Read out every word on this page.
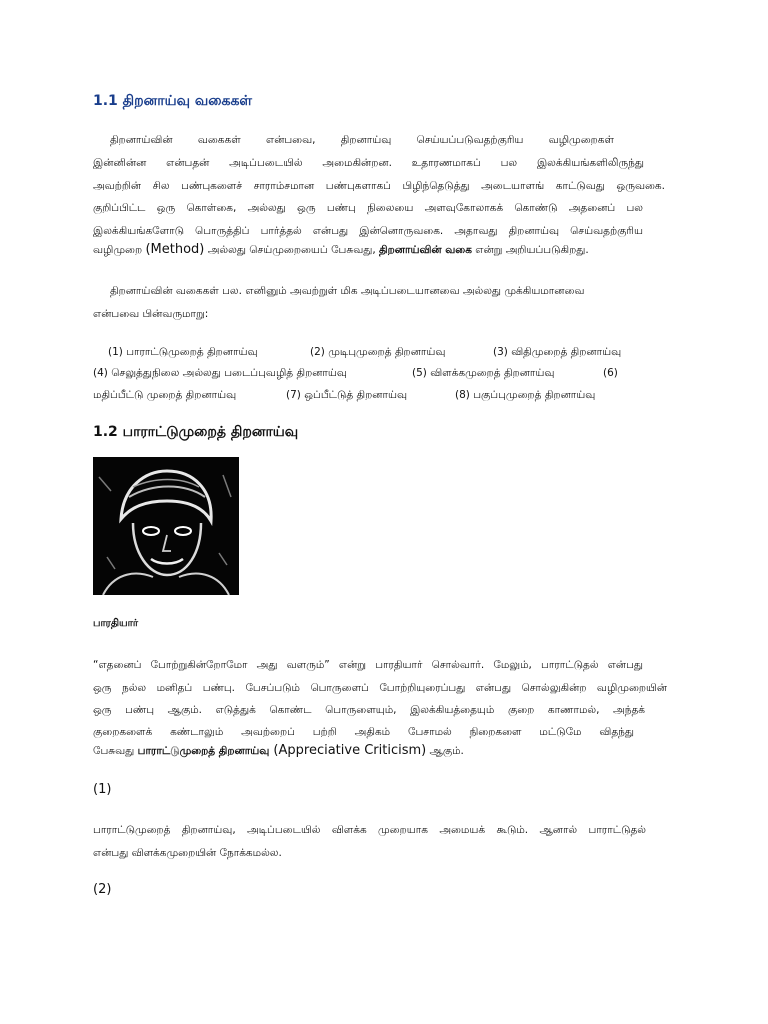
1.1 திறனாய்வு வகைகள்
திறனாய்வின் வகைகள் என்பவை, திறனாய்வு செய்யப்படுவதற்குரிய வழிமுறைகள்
இன்னின்ன என்பதன் அடிப்படையில் அமைகின்றன. உதாரணமாகப் பல இலக்கியங்களிலிருந்து
அவற்றின் சில பண்புகளைச் சாராம்சமான பண்புகளாகப் பிழிந்தெடுத்து அடையாளங் காட்டுவது ஒருவகை.
குறிப்பிட்ட ஒரு கொள்கை, அல்லது ஒரு பண்பு நிலையை அளவுகோலாகக் கொண்டு அதனைப் பல
இலக்கியங்களோடு பொருத்திப் பார்த்தல் என்பது இன்னொருவகை. அதாவது திறனாய்வு செய்வதற்குரிய
வழிமுறை (Method) அல்லது செய்முறையைப் பேசுவது, திறனாய்வின் வகை என்று அறியப்படுகிறது.
திறனாய்வின் வகைகள் பல. எனினும் அவற்றுள் மிக அடிப்படையானவை அல்லது முக்கியமானவை
என்பவை பின்வருமாறு:
(1) பாராட்டுமுறைத் திறனாய்வு	(2) முடிபுமுறைத் திறனாய்வு	(3) விதிமுறைத் திறனாய்வு
(4) செலுத்துநிலை அல்லது படைப்புவழித் திறனாய்வு	(5) விளக்கமுறைத் திறனாய்வு	(6)
மதிப்பீட்டு முறைத் திறனாய்வு	(7) ஒப்பீட்டுத் திறனாய்வு	(8) பகுப்புமுறைத் திறனாய்வு
1.2 பாராட்டுமுறைத் திறனாய்வு
பாரதியார்
“எதனைப் போற்றுகின்றோமோ அது வளரும்” என்று பாரதியார் சொல்வார். மேலும், பாராட்டுதல் என்பது
ஒரு நல்ல மனிதப் பண்பு. பேசப்படும் பொருளைப் போற்றியுரைப்பது என்பது சொல்லுகின்ற வழிமுறையின்
ஒரு பண்பு ஆகும். எடுத்துக் கொண்ட பொருளையும், இலக்கியத்தையும் குறை காணாமல், அந்தக்
குறைகளைக் கண்டாலும் அவற்றைப் பற்றி அதிகம் பேசாமல் நிறைகளை மட்டுமே விதந்து
பேசுவது பாராட்டுமுறைத் திறனாய்வு (Appreciative Criticism) ஆகும்.
(1)
பாராட்டுமுறைத் திறனாய்வு, அடிப்படையில் விளக்க முறையாக அமையக் கூடும். ஆனால் பாராட்டுதல்
என்பது விளக்கமுறையின் நோக்கமல்ல.
(2)
